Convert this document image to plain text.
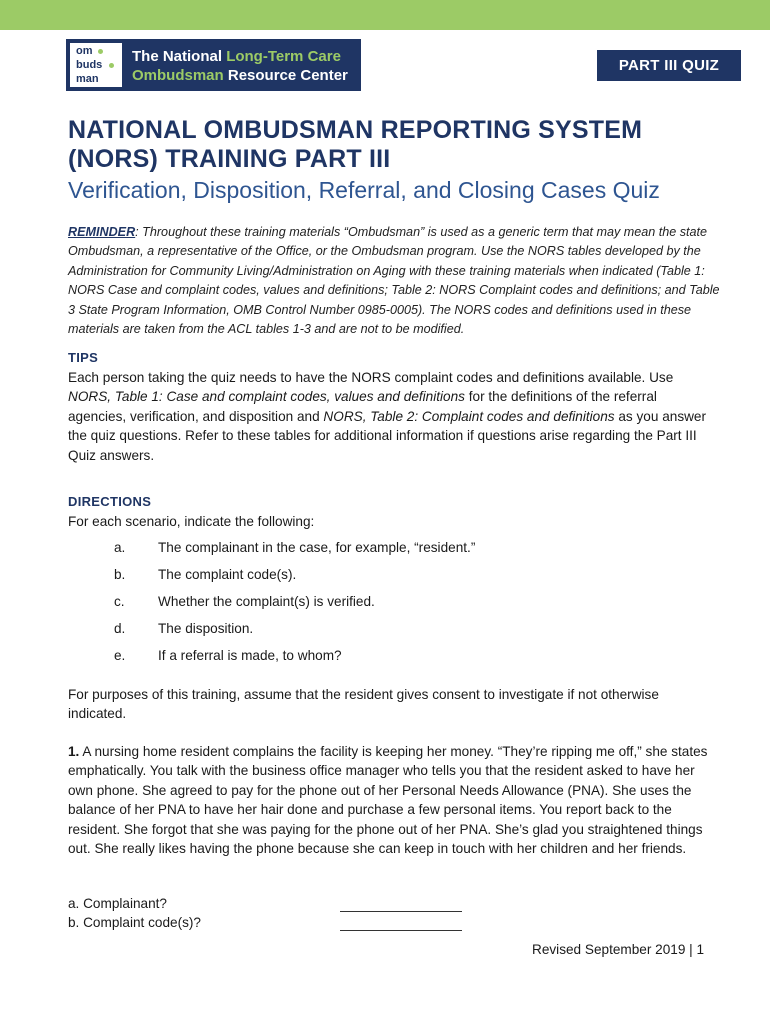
om
buds
man
The National Long-Term Care
Ombudsman Resource Center
PART III QUIZ
NATIONAL OMBUDSMAN REPORTING SYSTEM
(NORS) TRAINING PART III
Verification, Disposition, Referral, and Closing Cases Quiz
REMINDER: Throughout these training materials “Ombudsman” is used as a generic term that may mean the state Ombudsman, a representative of the Office, or the Ombudsman program. Use the NORS tables developed by the Administration for Community Living/Administration on Aging with these training materials when indicated (Table 1: NORS Case and complaint codes, values and definitions; Table 2: NORS Complaint codes and definitions; and Table 3 State Program Information, OMB Control Number 0985-0005). The NORS codes and definitions used in these materials are taken from the ACL tables 1-3 and are not to be modified.
TIPS
Each person taking the quiz needs to have the NORS complaint codes and definitions available. Use NORS, Table 1: Case and complaint codes, values and definitions for the definitions of the referral agencies, verification, and disposition and NORS, Table 2: Complaint codes and definitions as you answer the quiz questions. Refer to these tables for additional information if questions arise regarding the Part III Quiz answers.
DIRECTIONS
For each scenario, indicate the following:
a. The complainant in the case, for example, “resident.”
b. The complaint code(s).
c. Whether the complaint(s) is verified.
d. The disposition.
e. If a referral is made, to whom?
For purposes of this training, assume that the resident gives consent to investigate if not otherwise indicated.
1. A nursing home resident complains the facility is keeping her money. “They’re ripping me off,” she states emphatically. You talk with the business office manager who tells you that the resident asked to have her own phone. She agreed to pay for the phone out of her Personal Needs Allowance (PNA). She uses the balance of her PNA to have her hair done and purchase a few personal items. You report back to the resident. She forgot that she was paying for the phone out of her PNA. She’s glad you straightened things out. She really likes having the phone because she can keep in touch with her children and her friends.
a. Complainant?
b. Complaint code(s)?
Revised September 2019 | 1
